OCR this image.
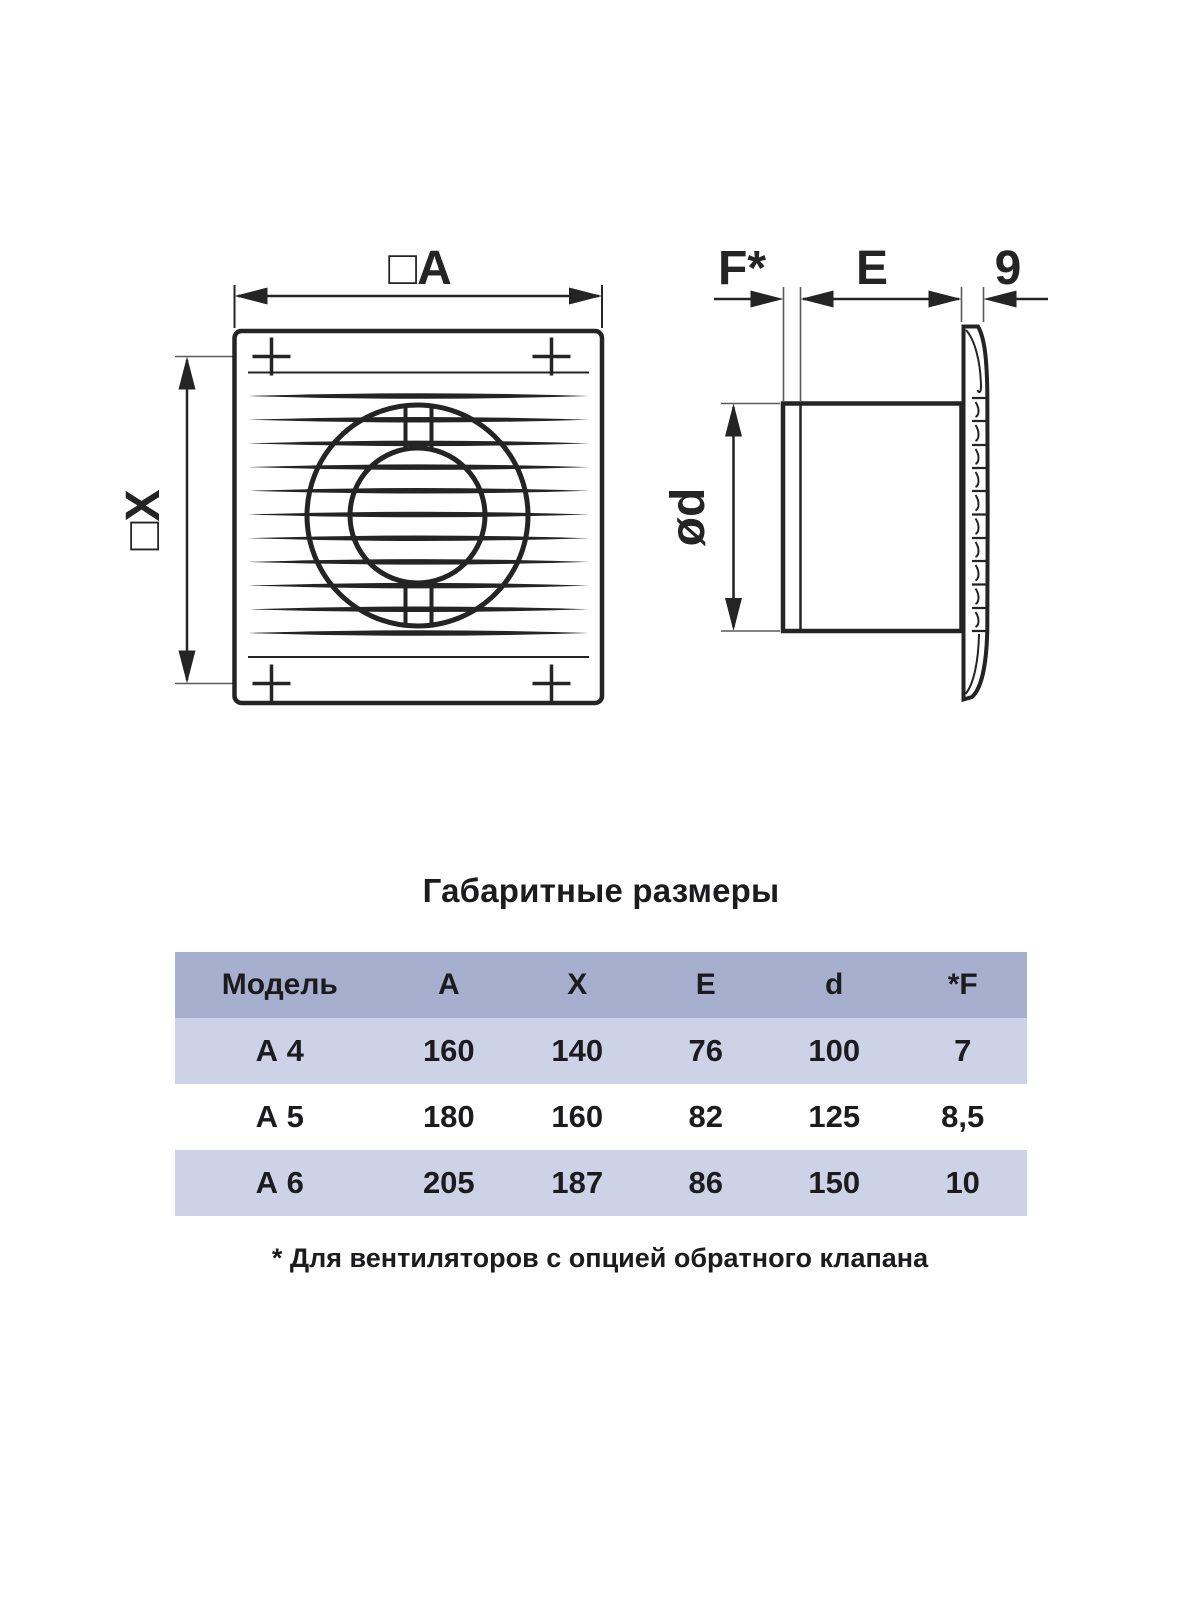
□A
□X
F* E 9
ød
Габаритные размеры
Модель	A	X	E	d	*F
А 4	160	140	76	100	7
А 5	180	160	82	125	8,5
А 6	205	187	86	150	10

* Для вентиляторов с опцией обратного клапана
